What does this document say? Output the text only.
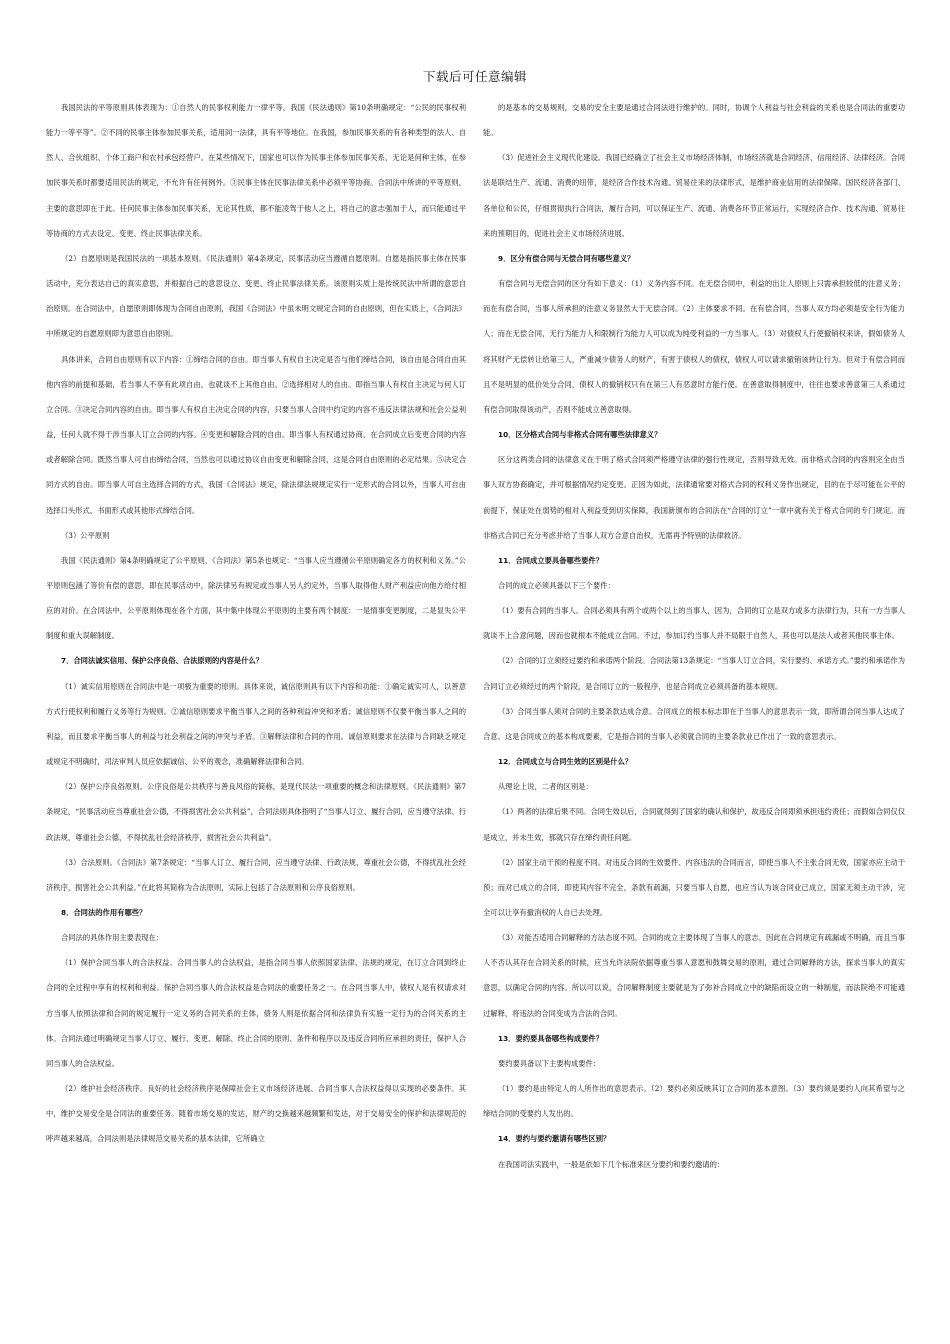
下载后可任意编辑

我国民法的平等原则具体表现为：①自然人的民事权利能力一律平等。我国《民法通则》第10条明确规定：“公民的民事权利能力一等平等”。②不同的民事主体参加民事关系，适用同一法律，具有平等地位。在我国，参加民事关系的有各种类型的法人、自然人、合伙组织、个体工商户和农村承包经营户。在某些情况下，国家也可以作为民事主体参加民事关系，无论是何种主体，在参加民事关系时都要适用民法的规定，不允许有任何例外。③民事主体在民事法律关系中必须平等协商。合同法中所讲的平等原则，主要的意思即在于此。任何民事主体参加民事关系，无论其性质，都不能凌驾于他人之上，将自己的意志强加于人，而只能通过平等协商的方式去设定、变更、终止民事法律关系。

（2）自愿原则是我国民法的一项基本原则。《民法通则》第4条规定，民事活动应当遵循自愿原则。自愿是指民事主体在民事活动中，充分表达自己的真实意思，并根据自己的意思设立、变更、终止民事法律关系。该原则实质上是传统民法中所谓的意思自治原则。在合同法中，自愿原则即体现为合同自由原则，我国《合同法》中虽未明文规定合同的自由原则，但在实质上，《合同法》中所规定的自愿原则即为意思自由原则。

具体讲来，合同自由原则有以下内容：①缔结合同的自由。即当事人有权自主决定是否与他们缔结合同，该自由是合同自由其他内容的前提和基础，若当事人不享有此项自由，也就谈不上其他自由。②选择相对人的自由。即指当事人有权自主决定与何人订立合同。③决定合同内容的自由。即当事人有权自主决定合同的内容，只要当事人合同中约定的内容不违反法律法规和社会公益利益，任何人就不得干涉当事人订立合同的内容。④变更和解除合同的自由。即当事人有权通过协商，在合同成立后变更合同的内容或者解除合同。既然当事人可自由缔结合同，当然也可以通过协议自由变更和解除合同，这是合同自由原则的必定结果。⑤决定合同方式的自由。即当事人可自主选择合同的方式，我国《合同法》规定，除法律法规规定实行一定形式的合同以外，当事人可自由选择口头形式、书面形式或其他形式缔结合同。

（3）公平原则

我国《民法通则》第4条明确规定了公平原则，《合同法》第5条也规定：“当事人应当遵循公平原则确定各方的权利和义务。”公平原则包涵了等价有偿的意思，即在民事活动中，除法律另有规定或当事人另人约定外，当事人取得他人财产利益应向他方给付相应的对价。在合同法中，公平原则体现在各个方面，其中集中体现公平原则的主要有两个制度：一是情事变更制度，二是显失公平制度和重大误解制度。

7．合同法诚实信用、保护公序良俗、合法原则的内容是什么？

（1）诚实信用原则在合同法中是一项极为重要的原则。具体来说，诚信原则具有以下内容和功能：①确定诚实可人，以善意方式行使权利和履行义务等行为规则。②诚信原则要求平衡当事人之间的各种利益冲突和矛盾；诚信原则不仅要平衡当事人之间的利益，而且要求平衡当事人的利益与社会利益之间的冲突与矛盾。③解释法律和合同的作用。诚信原则要求在法律与合同缺乏规定或规定不明确时，司法审判人员应依据诚信、公平的观念，准确解释法律和合同。

（2）保护公序良俗原则。公序良俗是公共秩序与善良风俗的简称，是现代民法一项重要的概念和法律原则。《民法通则》第7条规定，“民事活动应当尊重社会公德，不得损害社会公共利益”，合同法则具体指明了“当事人订立、履行合同，应当遵守法律、行政法规，尊重社会公德，不得扰乱社会经济秩序，损害社会公共利益”。

（3）合法原则。《合同法》第7条规定：“当事人订立、履行合同，应当遵守法律、行政法规，尊重社会公德，不得扰乱社会经济秩序，损害社会公共利益。”在此将其简称为合法原则，实际上包括了合法原则和公序良俗原则。

8．合同法的作用有哪些？

合同法的具体作用主要表现在：

（1）保护合同当事人的合法权益。合同当事人的合法权益，是指合同当事人依照国家法律、法规的规定，在订立合同到终止合同的全过程中享有的权利和利益。保护合同当事人的合法权益是合同法的重要任务之一。在合同当事人中，债权人是有权请求对方当事人依照法律和合同的规定履行一定义务的合同关系的主体，债务人则是依据合同和法律负有实施一定行为的合同关系的主体。合同法通过明确规定当事人订立、履行、变更、解除、终止合同的原则、条件和程序以及违反合同所应承担的责任，保护人合同当事人的合法权益。

（2）维护社会经济秩序。良好的社会经济秩序是保障社会主义市场经济进展、合同当事人合法权益得以实现的必要条件。其中，维护交易安全是合同法的重要任务。随着市场交易的发达，财产的交换越来越频繁和发达，对于交易安全的保护和法律规范的呼声越来越高，合同法则是法律规范交易关系的基本法律，它所确立

的是基本的交易规则，交易的安全主要是通过合同法进行维护的。同时，协调个人利益与社会利益的关系也是合同法的重要功能。

（3）促进社会主义现代化建设。我国已经确立了社会主义市场经济体制，市场经济就是合同经济、信用经济、法律经济。合同法是联结生产、流通、消费的纽带，是经济合作技术沟通、贸易往来的法律形式，是维护商业信用的法律保障。国民经济各部门、各单位和公民，仔细贯彻执行合同法，履行合同，可以保证生产、流通、消费各环节正常运行，实现经济合作、技术沟通、贸易往来的预期目的，促进社会主义市场经济进展。

9．区分有偿合同与无偿合同有哪些意义？

有偿合同与无偿合同的区分有如下意义：（1）义务内容不同。在无偿合同中，利益的出让人原则上只需承担较低的注意义务；而在有偿合同，当事人所承担的注意义务显然大于无偿合同。（2）主体要求不同。在有偿合同，当事人双方均必须是安全行为能力人；而在无偿合同，无行为能力人和限制行为能力人可以成为纯受利益的一方当事人。（3）对债权人行使撤销权来讲，假如债务人将其财产无偿转让给第三人，严重减少债务人的财产，有害于债权人的债权，债权人可以请求撤销该转让行为。但对于有偿合同而且不是明显的低价处分合同，债权人的撤销权只有在第三人有恶意时方能行使。在善意取得制度中，往往也要求善意第三人系通过有偿合同取得该动产，否则不能成立善意取得。

10．区分格式合同与非格式合同有哪些法律意义？

区分这两类合同的法律意义在于明了格式合同须严格遵守法律的强行性规定，否则导致无效。而非格式合同的内容则完全由当事人双方协商确定，并可根据情况约定变更。正因为如此，法律通常要对格式合同的权利义务作出规定，目的在于尽可能在公平的前提下，保证处在弱势的相对人利益受到切实保障，我国新颁布的合同法在“合同的订立”一章中就有关于格式合同的专门规定。而非格式合同已充分考虑并给了当事人双方合意自治权，无需再予特别的法律救济。

11．合同成立要具备哪些要件？

合同的成立必须具备以下三个要件：

（1）要有合同的当事人。合同必须具有两个或两个以上的当事人，因为，合同的订立是双方或多方法律行为，只有一方当事人就谈不上合意问题，因而也就根本不能成立合同。不过，参加订约当事人并不局限于自然人，其也可以是法人或者其他民事主体。

（2）合同的订立须经过要约和承诺两个阶段。合同法第13条规定：“当事人订立合同，实行要约、承诺方式。”要约和承诺作为合同订立必须经过的两个阶段，是合同订立的一般程序，也是合同成立必须具备的基本规则。

（3）合同当事人须对合同的主要条款达成合意。合同成立的根本标志即在于当事人的意思表示一致，即所谓合同当事人达成了合意。这是合同成立的基本构成要素，它是指合同的当事人必须就合同的主要条款业已作出了一致的意思表示。

12．合同成立与合同生效的区别是什么？

从理论上说，二者的区别是：

（1）两者的法律后果不同。合同生效以后，合同就得到了国家的确认和保护，故违反合同即须承担违约责任；而假如合同仅仅是成立，并未生效，那就只存在缔约责任问题。

（2）国家主动干预的程度不同。对违反合同的生效要件、内容违法的合同而言，即使当事人不主张合同无效，国家亦应主动干预；而对已成立的合同，即使其内容不完全，条款有疏漏，只要当事人自愿，也应当认为该合同业已成立，国家无须主动干涉，完全可以让享有撤消权的人自已去处理。

（3）对能否适用合同解释的方法态度不同。合同的成立主要体现了当事人的意志，因此在合同规定有疏漏或不明确，而且当事人不否认其存在合同关系的时候，应当允许法院依据尊重当事人意愿和鼓舞交易的原则，通过合同解释的方法，探求当事人的真实意思，以确定合同的内容。所以可以说，合同解释制度主要就是为了弥补合同成立中的缺陷而设立的一种制度，而法院绝不可能通过解释，将违法的合同变成为合法的合同。

13．要约要具备哪些构成要件？

要约要具备以下主要构成要件：

（1）要约是由特定人的人所作出的意思表示。（2）要约必须反映其订立合同的基本意图。（3）要约须是要约人向其希望与之缔结合同的受要约人发出的。

14．要约与要约邀请有哪些区别？

在我国司法实践中，一般是依如下几个标准来区分要约和要约邀请的：
